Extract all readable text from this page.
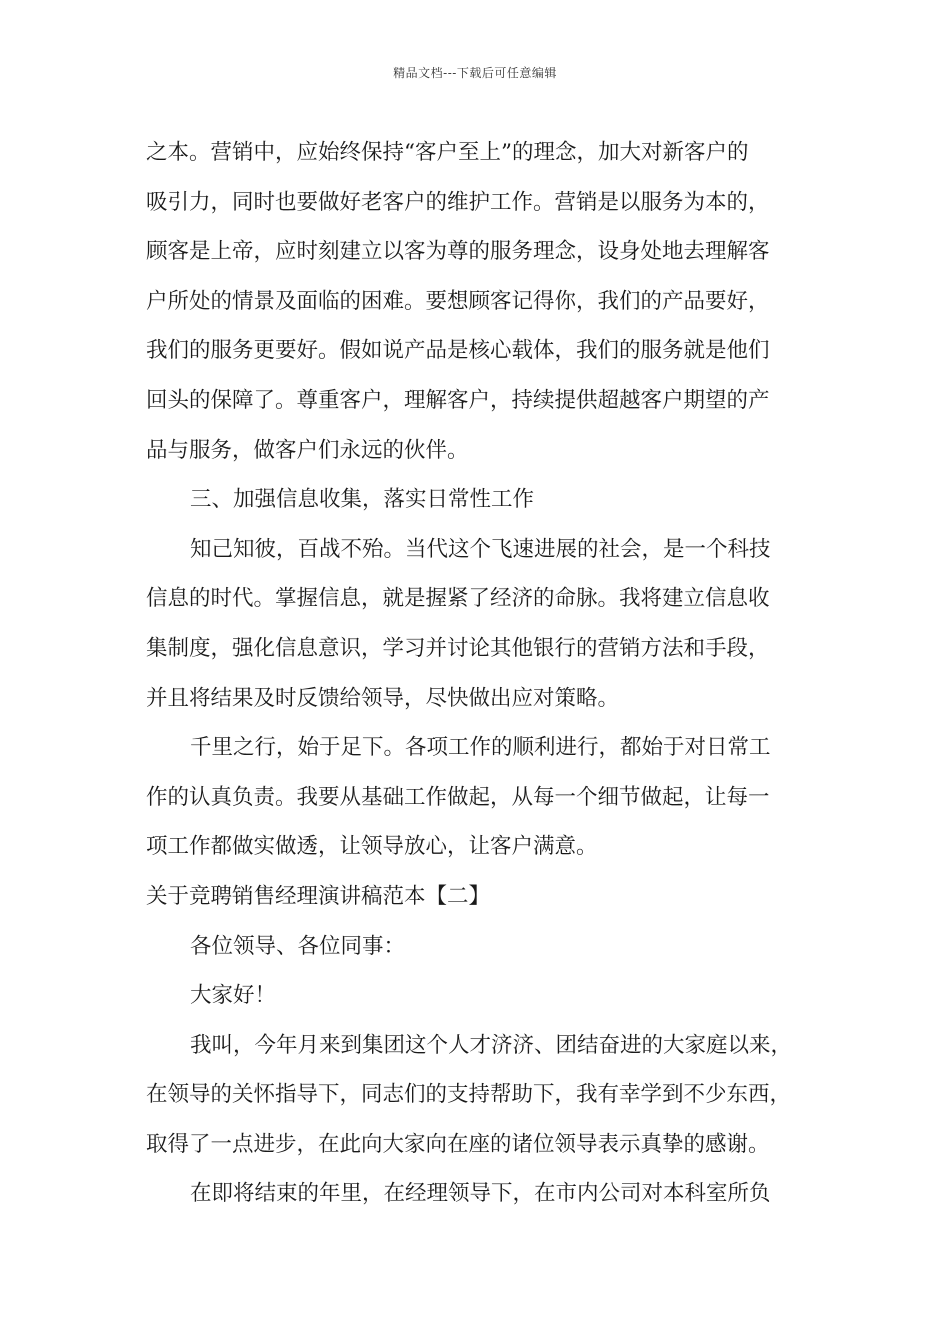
精品文档---下载后可任意编辑
之本。营销中，应始终保持“客户至上”的理念，加大对新客户的
吸引力，同时也要做好老客户的维护工作。营销是以服务为本的，
顾客是上帝，应时刻建立以客为尊的服务理念，设身处地去理解客
户所处的情景及面临的困难。要想顾客记得你，我们的产品要好，
我们的服务更要好。假如说产品是核心载体，我们的服务就是他们
回头的保障了。尊重客户，理解客户，持续提供超越客户期望的产
品与服务，做客户们永远的伙伴。
三、加强信息收集，落实日常性工作
知己知彼，百战不殆。当代这个飞速进展的社会，是一个科技
信息的时代。掌握信息，就是握紧了经济的命脉。我将建立信息收
集制度，强化信息意识，学习并讨论其他银行的营销方法和手段，
并且将结果及时反馈给领导，尽快做出应对策略。
千里之行，始于足下。各项工作的顺利进行，都始于对日常工
作的认真负责。我要从基础工作做起，从每一个细节做起，让每一
项工作都做实做透，让领导放心，让客户满意。
关于竞聘销售经理演讲稿范本【二】
各位领导、各位同事：
大家好！
我叫，今年月来到集团这个人才济济、团结奋进的大家庭以来，
在领导的关怀指导下，同志们的支持帮助下，我有幸学到不少东西，
取得了一点进步，在此向大家向在座的诸位领导表示真挚的感谢。
在即将结束的年里，在经理领导下，在市内公司对本科室所负
